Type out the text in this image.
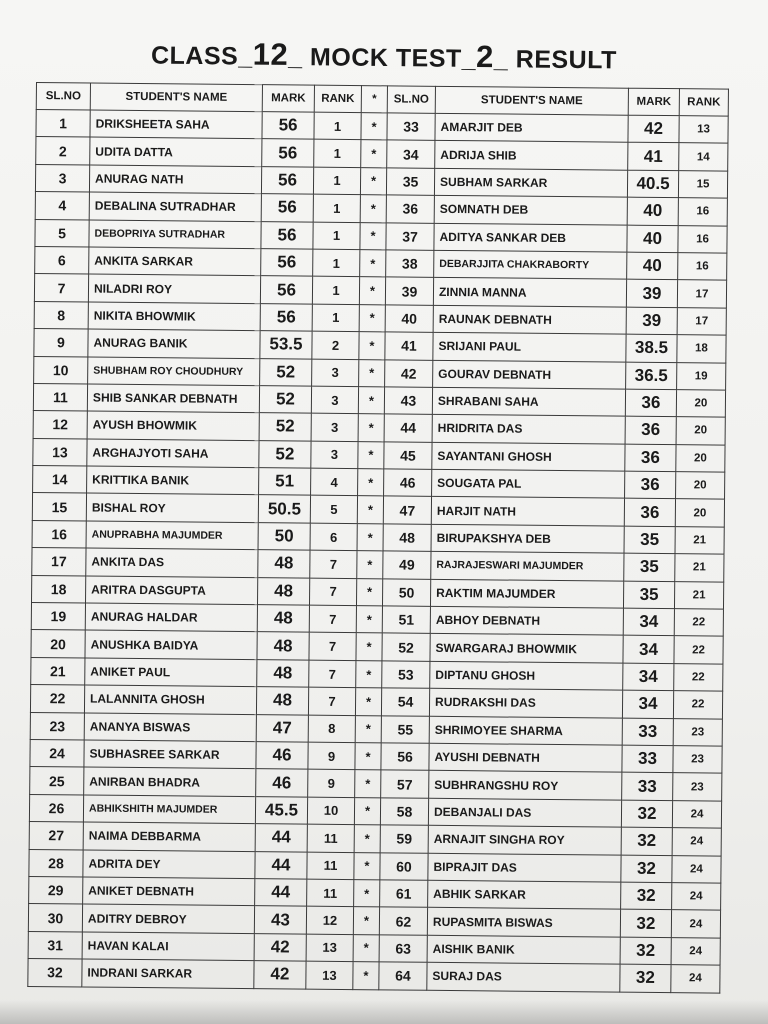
CLASS_12_ MOCK TEST_2_ RESULT
SL.NO	STUDENT'S NAME	MARK	RANK	*	SL.NO	STUDENT'S NAME	MARK	RANK
1	DRIKSHEETA SAHA	56	1	*	33	AMARJIT DEB	42	13
2	UDITA DATTA	56	1	*	34	ADRIJA SHIB	41	14
3	ANURAG NATH	56	1	*	35	SUBHAM SARKAR	40.5	15
4	DEBALINA SUTRADHAR	56	1	*	36	SOMNATH DEB	40	16
5	DEBOPRIYA SUTRADHAR	56	1	*	37	ADITYA SANKAR DEB	40	16
6	ANKITA SARKAR	56	1	*	38	DEBARJJITA CHAKRABORTY	40	16
7	NILADRI ROY	56	1	*	39	ZINNIA MANNA	39	17
8	NIKITA BHOWMIK	56	1	*	40	RAUNAK DEBNATH	39	17
9	ANURAG BANIK	53.5	2	*	41	SRIJANI PAUL	38.5	18
10	SHUBHAM ROY CHOUDHURY	52	3	*	42	GOURAV DEBNATH	36.5	19
11	SHIB SANKAR DEBNATH	52	3	*	43	SHRABANI SAHA	36	20
12	AYUSH BHOWMIK	52	3	*	44	HRIDRITA DAS	36	20
13	ARGHAJYOTI SAHA	52	3	*	45	SAYANTANI GHOSH	36	20
14	KRITTIKA BANIK	51	4	*	46	SOUGATA PAL	36	20
15	BISHAL ROY	50.5	5	*	47	HARJIT NATH	36	20
16	ANUPRABHA MAJUMDER	50	6	*	48	BIRUPAKSHYA DEB	35	21
17	ANKITA DAS	48	7	*	49	RAJRAJESWARI MAJUMDER	35	21
18	ARITRA DASGUPTA	48	7	*	50	RAKTIM MAJUMDER	35	21
19	ANURAG HALDAR	48	7	*	51	ABHOY DEBNATH	34	22
20	ANUSHKA BAIDYA	48	7	*	52	SWARGARAJ BHOWMIK	34	22
21	ANIKET PAUL	48	7	*	53	DIPTANU GHOSH	34	22
22	LALANNITA GHOSH	48	7	*	54	RUDRAKSHI DAS	34	22
23	ANANYA BISWAS	47	8	*	55	SHRIMOYEE SHARMA	33	23
24	SUBHASREE SARKAR	46	9	*	56	AYUSHI DEBNATH	33	23
25	ANIRBAN BHADRA	46	9	*	57	SUBHRANGSHU ROY	33	23
26	ABHIKSHITH MAJUMDER	45.5	10	*	58	DEBANJALI DAS	32	24
27	NAIMA DEBBARMA	44	11	*	59	ARNAJIT SINGHA ROY	32	24
28	ADRITA DEY	44	11	*	60	BIPRAJIT DAS	32	24
29	ANIKET DEBNATH	44	11	*	61	ABHIK SARKAR	32	24
30	ADITRY DEBROY	43	12	*	62	RUPASMITA BISWAS	32	24
31	HAVAN KALAI	42	13	*	63	AISHIK BANIK	32	24
32	INDRANI SARKAR	42	13	*	64	SURAJ DAS	32	24
